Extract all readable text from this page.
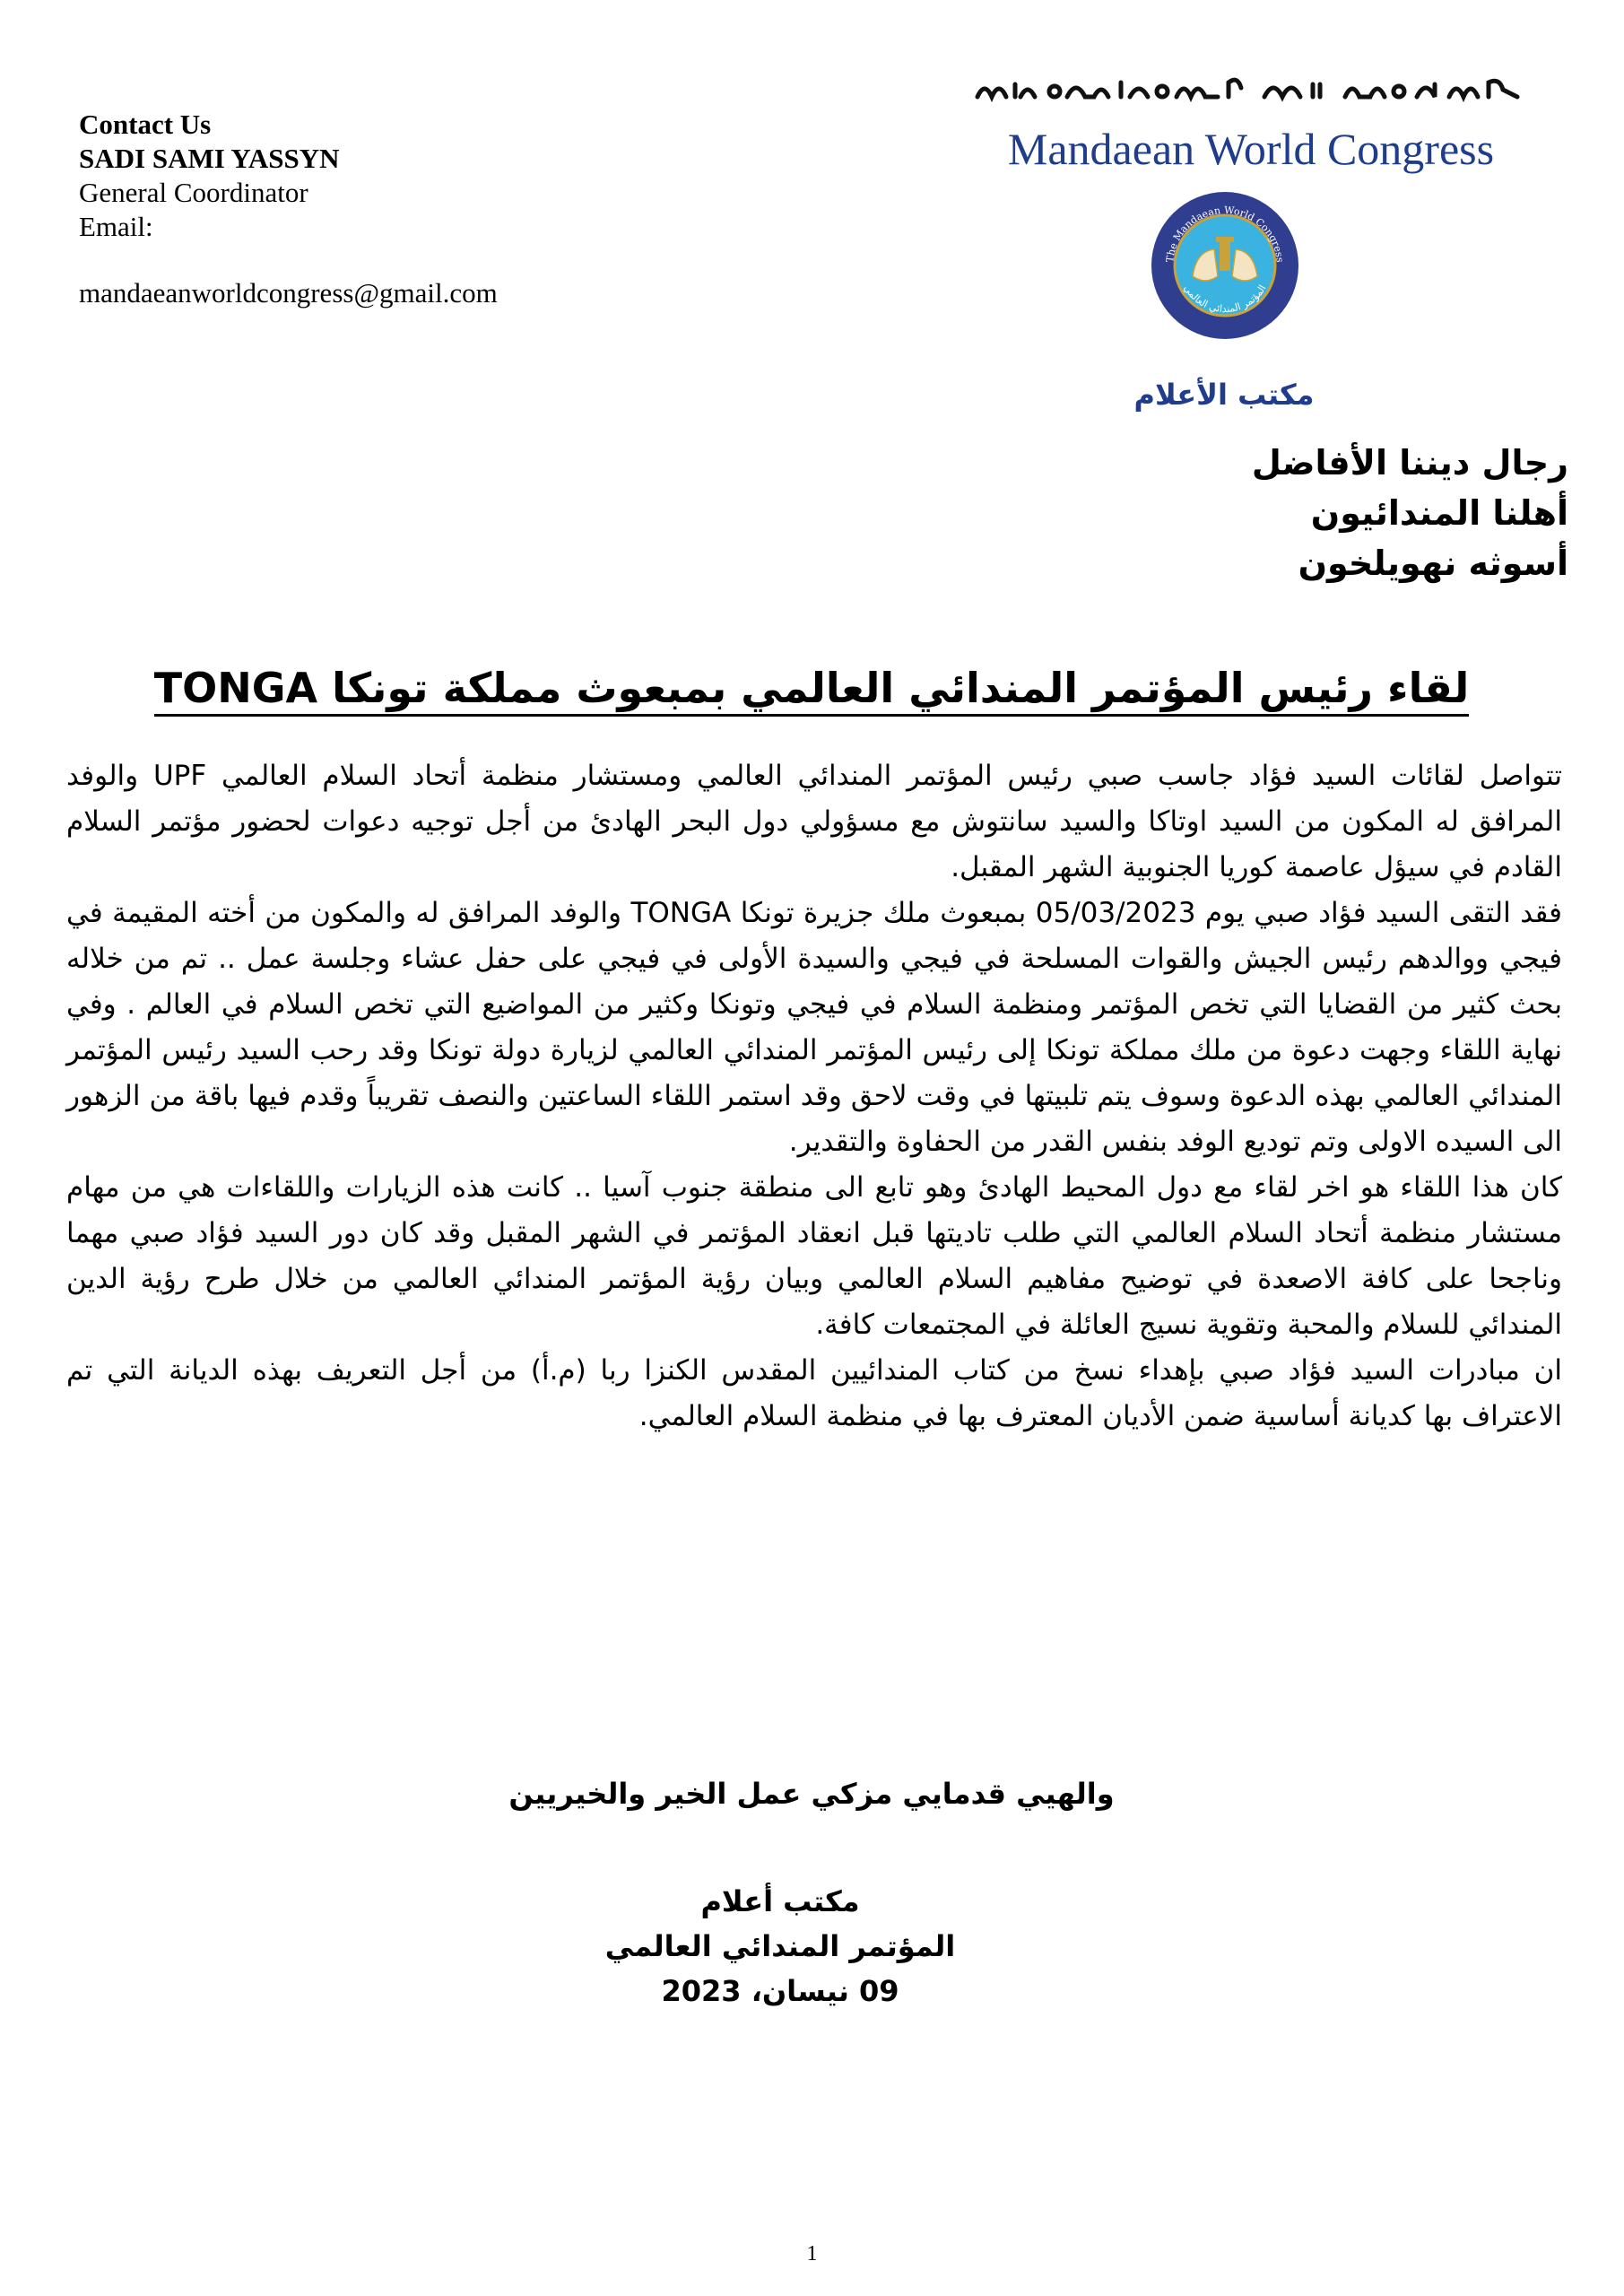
Contact Us
SADI SAMI YASSYN
General Coordinator
Email:
mandaeanworldcongress@gmail.com
Mandaean World Congress
The Mandaean World Congress
المؤتمر المندائي العالمي
مكتب الأعلام
رجال ديننا الأفاضل
أهلنا المندائيون
أسوثه نهويلخون
لقاء رئيس المؤتمر المندائي العالمي بمبعوث مملكة تونكا TONGA

تتواصل لقائات السيد فؤاد جاسب صبي رئيس المؤتمر المندائي العالمي ومستشار منظمة أتحاد السلام العالمي UPF والوفد المرافق له المكون من السيد اوتاكا والسيد سانتوش مع مسؤولي دول البحر الهادئ من أجل توجيه دعوات لحضور مؤتمر السلام القادم في سيؤل عاصمة كوريا الجنوبية الشهر المقبل.

فقد التقى السيد فؤاد صبي يوم 05/03/2023 بمبعوث ملك جزيرة تونكا TONGA والوفد المرافق له والمكون من أخته المقيمة في فيجي ووالدهم رئيس الجيش والقوات المسلحة في فيجي والسيدة الأولى في فيجي على حفل عشاء وجلسة عمل .. تم من خلاله بحث كثير من القضايا التي تخص المؤتمر ومنظمة السلام في فيجي وتونكا وكثير من المواضيع التي تخص السلام في العالم . وفي نهاية اللقاء وجهت دعوة من ملك مملكة تونكا إلى رئيس المؤتمر المندائي العالمي لزيارة دولة تونكا وقد رحب السيد رئيس المؤتمر المندائي العالمي بهذه الدعوة وسوف يتم تلبيتها في وقت لاحق وقد استمر اللقاء الساعتين والنصف تقريباً وقدم فيها باقة من الزهور الى السيده الاولى وتم توديع الوفد بنفس القدر من الحفاوة والتقدير.

كان هذا اللقاء هو اخر لقاء مع دول المحيط الهادئ وهو تابع الى منطقة جنوب آسيا .. كانت هذه الزيارات واللقاءات هي من مهام مستشار منظمة أتحاد السلام العالمي التي طلب تاديتها قبل انعقاد المؤتمر في الشهر المقبل وقد كان دور السيد فؤاد صبي مهما وناجحا على كافة الاصعدة في توضيح مفاهيم السلام العالمي وبيان رؤية المؤتمر المندائي العالمي من خلال طرح رؤية الدين المندائي للسلام والمحبة وتقوية نسيج العائلة في المجتمعات كافة.

ان مبادرات السيد فؤاد صبي بإهداء نسخ من كتاب المندائيين المقدس الكنزا ربا (م.أ) من أجل التعريف بهذه الديانة التي تم الاعتراف بها كديانة أساسية ضمن الأديان المعترف بها في منظمة السلام العالمي.

والهيي قدمايي مزكي عمل الخير والخيريين
مكتب أعلام
المؤتمر المندائي العالمي
09 نيسان، 2023
1
